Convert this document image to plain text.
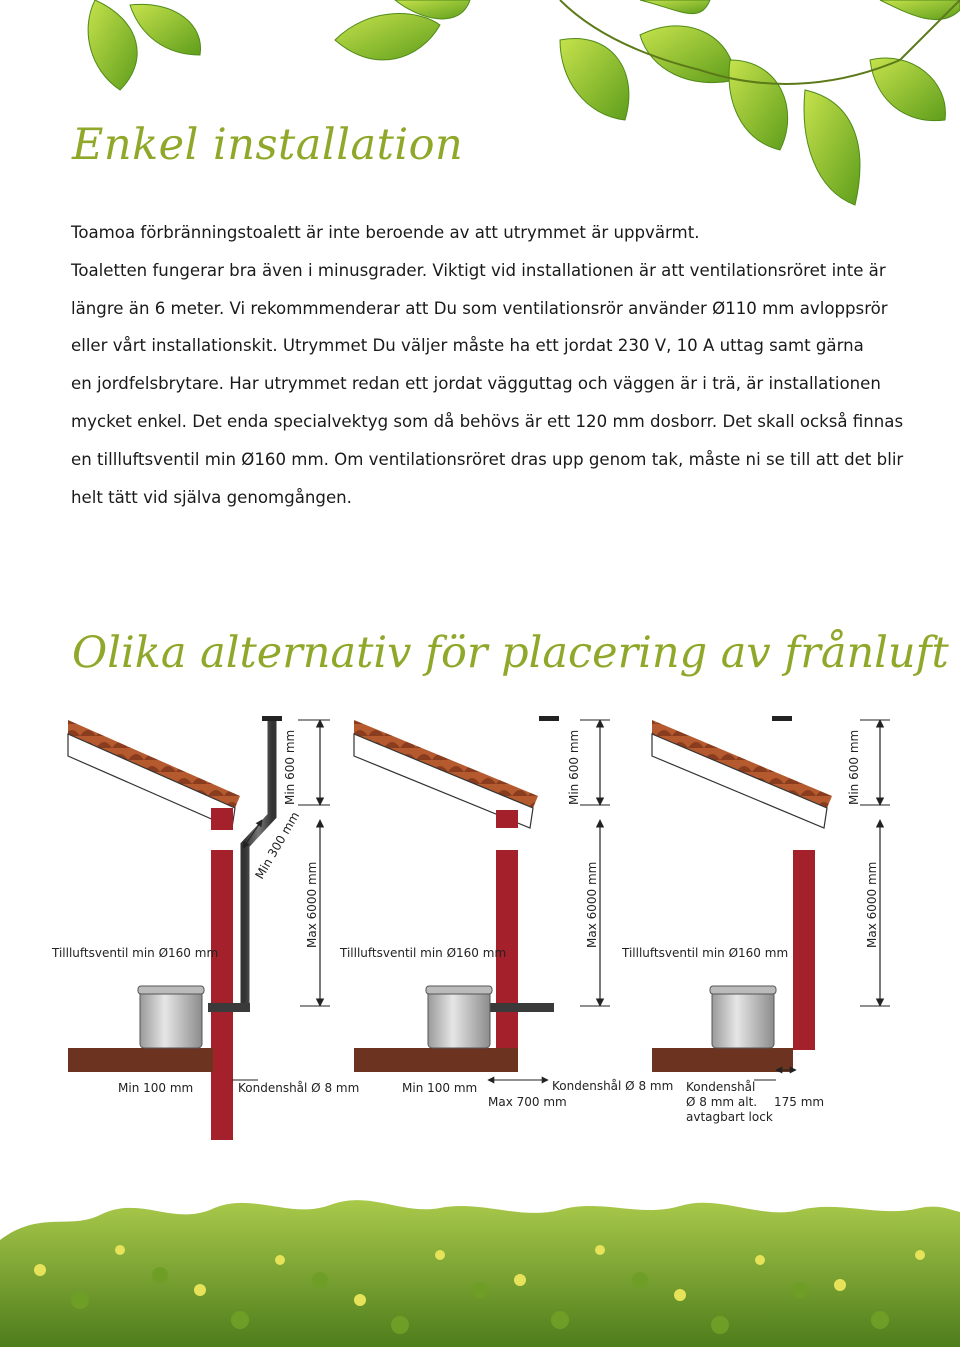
Enkel installation

Toamoa förbränningstoalett är inte beroende av att utrymmet är uppvärmt.
Toaletten fungerar bra även i minusgrader. Viktigt vid installationen är att ventilationsröret inte är
längre än 6 meter. Vi rekommmenderar att Du som ventilationsrör använder Ø110 mm avloppsrör
eller vårt installationskit. Utrymmet Du väljer måste ha ett jordat 230 V, 10 A uttag samt gärna
en jordfelsbrytare. Har utrymmet redan ett jordat vägguttag och väggen är i trä, är installationen
mycket enkel. Det enda specialvektyg som då behövs är ett 120 mm dosborr. Det skall också finnas
en tillluftsventil min Ø160 mm. Om ventilationsröret dras upp genom tak, måste ni se till att det blir
helt tätt vid själva genomgången.

Olika alternativ för placering av frånluft
Min 600 mm
Min 300 mm
Max 6000 mm
Tillluftsventil min Ø160 mm
Min 100 mm	Kondenshål Ø 8 mm
Min 600 mm
Max 6000 mm
Tillluftsventil min Ø160 mm
Min 100 mm	Kondenshål Ø 8 mm
Max 700 mm
Min 600 mm
Max 6000 mm
Tillluftsventil min Ø160 mm
Kondenshål
Ø 8 mm alt.
avtagbart lock
175 mm
